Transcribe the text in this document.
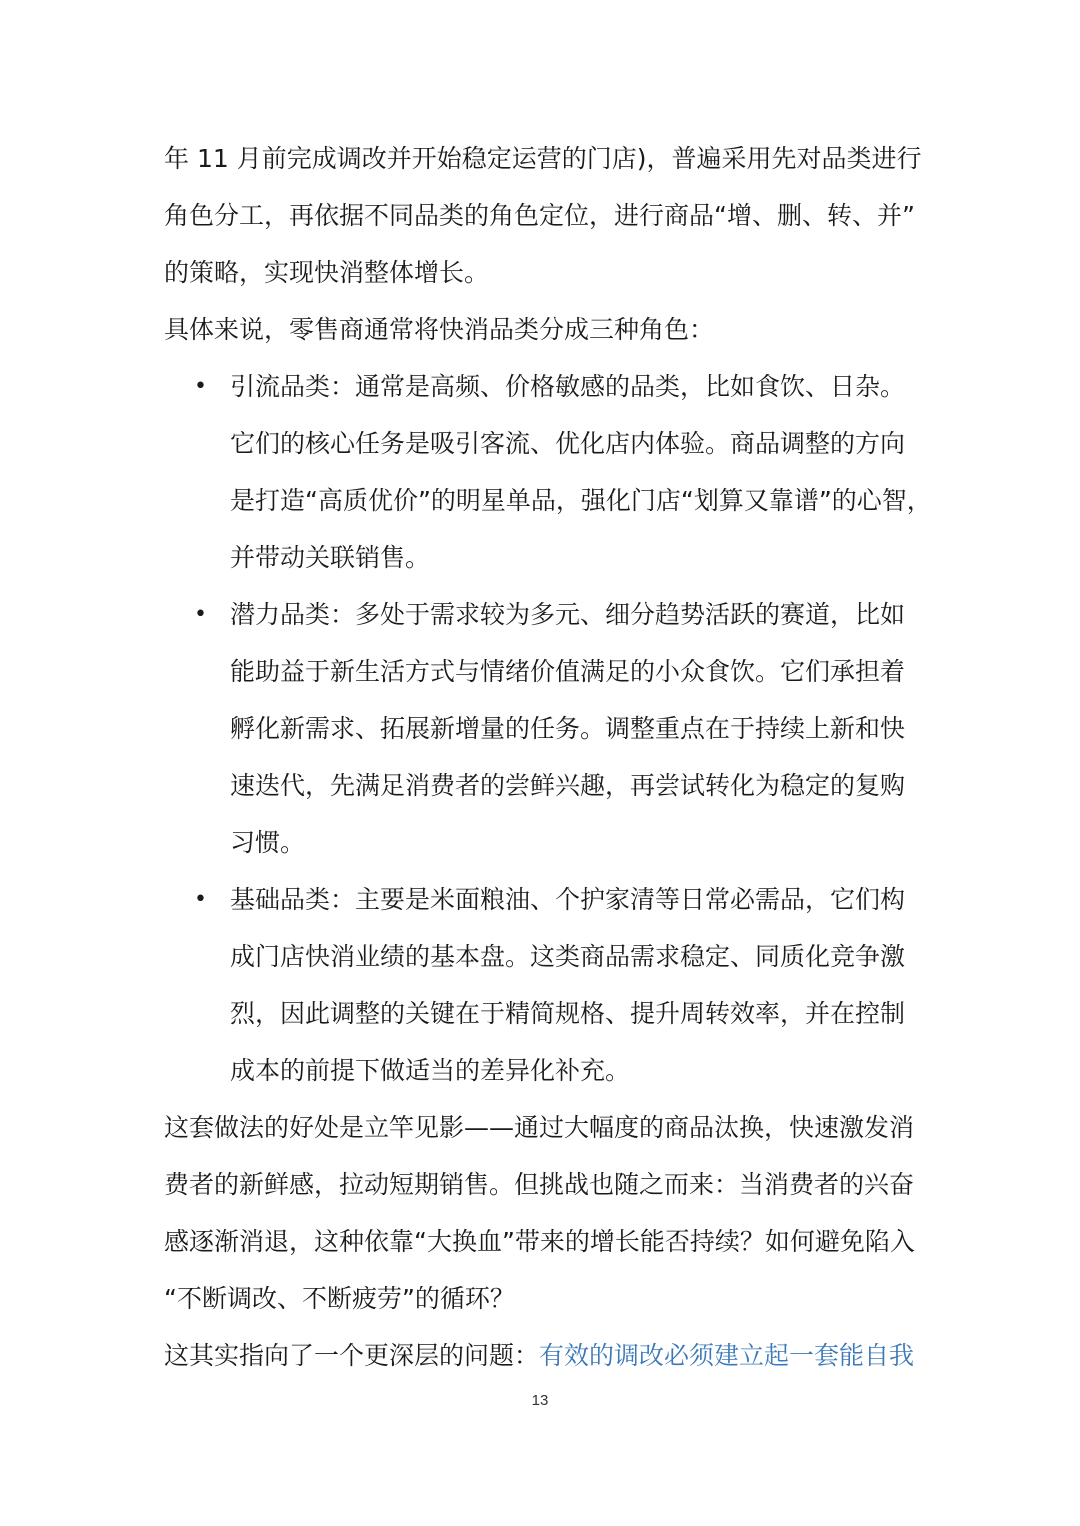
年 11 月前完成调改并开始稳定运营的门店)，普遍采用先对品类进行
角色分工，再依据不同品类的角色定位，进行商品“增、删、转、并”
的策略，实现快消整体增长。
具体来说，零售商通常将快消品类分成三种角色：
• 引流品类：通常是高频、价格敏感的品类，比如食饮、日杂。
它们的核心任务是吸引客流、优化店内体验。商品调整的方向
是打造“高质优价”的明星单品，强化门店“划算又靠谱”的心智，
并带动关联销售。
• 潜力品类：多处于需求较为多元、细分趋势活跃的赛道，比如
能助益于新生活方式与情绪价值满足的小众食饮。它们承担着
孵化新需求、拓展新增量的任务。调整重点在于持续上新和快
速迭代，先满足消费者的尝鲜兴趣，再尝试转化为稳定的复购
习惯。
• 基础品类：主要是米面粮油、个护家清等日常必需品，它们构
成门店快消业绩的基本盘。这类商品需求稳定、同质化竞争激
烈，因此调整的关键在于精简规格、提升周转效率，并在控制
成本的前提下做适当的差异化补充。
这套做法的好处是立竿见影——通过大幅度的商品汰换，快速激发消
费者的新鲜感，拉动短期销售。但挑战也随之而来：当消费者的兴奋
感逐渐消退，这种依靠“大换血”带来的增长能否持续？如何避免陷入
“不断调改、不断疲劳”的循环？
这其实指向了一个更深层的问题：有效的调改必须建立起一套能自我
13
